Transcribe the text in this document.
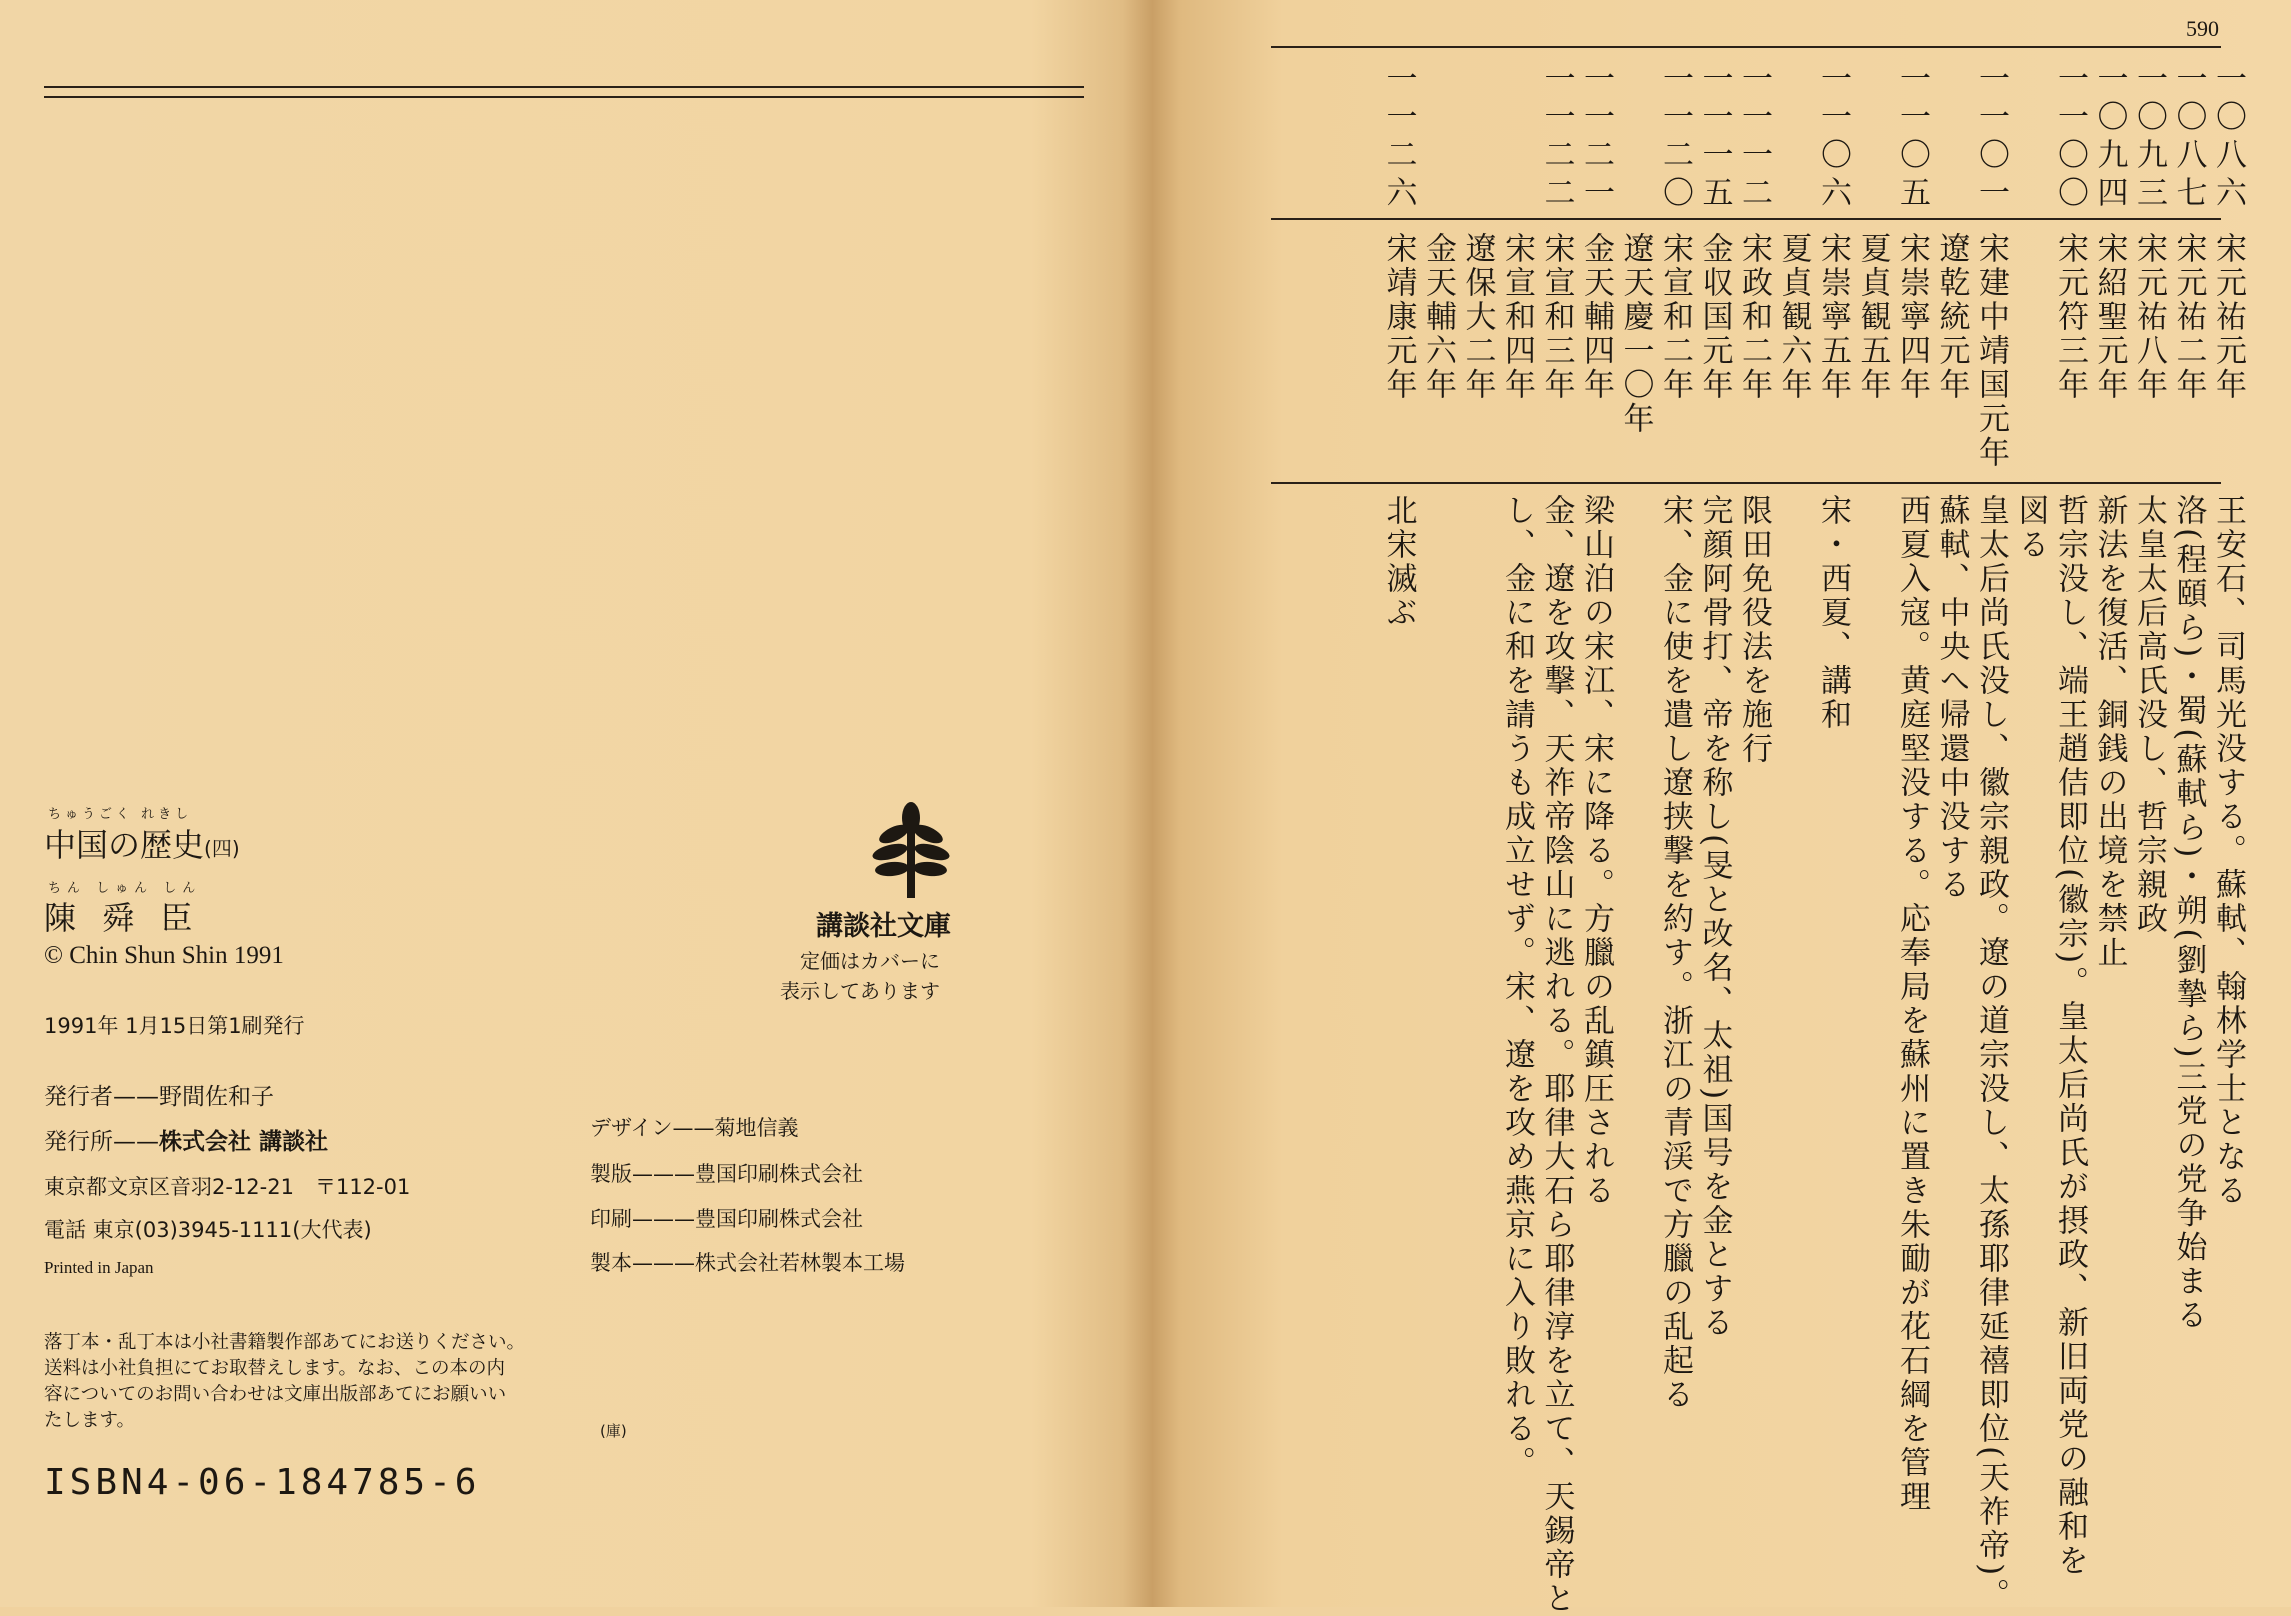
ちゅうごく れきし
中国の歴史(四)
ちん しゅん しん
陳 舜 臣
© Chin Shun Shin 1991
1991年 1月15日第1刷発行
発行者——野間佐和子
発行所——株式会社 講談社
東京都文京区音羽2-12-21　〒112-01
電話 東京(03)3945-1111(大代表)
Printed in Japan
デザイン——菊地信義
製版———豊国印刷株式会社
印刷———豊国印刷株式会社
製本———株式会社若林製本工場
落丁本・乱丁本は小社書籍製作部あてにお送りください。
送料は小社負担にてお取替えします。なお、この本の内
容についてのお問い合わせは文庫出版部あてにお願いい
たします。	(庫)
ISBN4-06-184785-6
講談社文庫
定価はカバーに
表示してあります
590
一〇八六
宋元祐元年
王安石、司馬光没する。蘇軾、翰林学士となる
一〇八七
宋元祐二年
洛(程頤ら)・蜀(蘇軾ら)・朔(劉摯ら)三党の党争始まる
一〇九三
宋元祐八年
太皇太后高氏没し、哲宗親政
一〇九四
宋紹聖元年
新法を復活、銅銭の出境を禁止
一一〇〇
宋元符三年
哲宗没し、端王趙佶即位(徽宗)。皇太后尚氏が摂政、新旧両党の融和を
図る
一一〇一
宋建中靖国元年
皇太后尚氏没し、徽宗親政。遼の道宗没し、太孫耶律延禧即位(天祚帝)。
遼乾統元年
蘇軾、中央へ帰還中没する
一一〇五
宋崇寧四年
西夏入寇。黄庭堅没する。応奉局を蘇州に置き朱勔が花石綱を管理
夏貞観五年
一一〇六
宋崇寧五年
宋・西夏、講和
夏貞観六年
一一一二
宋政和二年
限田免役法を施行
一一一五
金収国元年
完顔阿骨打、帝を称し(旻と改名、太祖)国号を金とする
一一二〇
宋宣和二年
宋、金に使を遣し遼挟撃を約す。浙江の青渓で方臘の乱起る
遼天慶一〇年
一一二一
金天輔四年
梁山泊の宋江、宋に降る。方臘の乱鎮圧される
一一二二
宋宣和三年
金、遼を攻撃、天祚帝陰山に逃れる。耶律大石ら耶律淳を立て、天錫帝と
宋宣和四年
し、金に和を請うも成立せず。宋、遼を攻め燕京に入り敗れる。
遼保大二年
金天輔六年
一一二六
宋靖康元年
北宋滅ぶ
